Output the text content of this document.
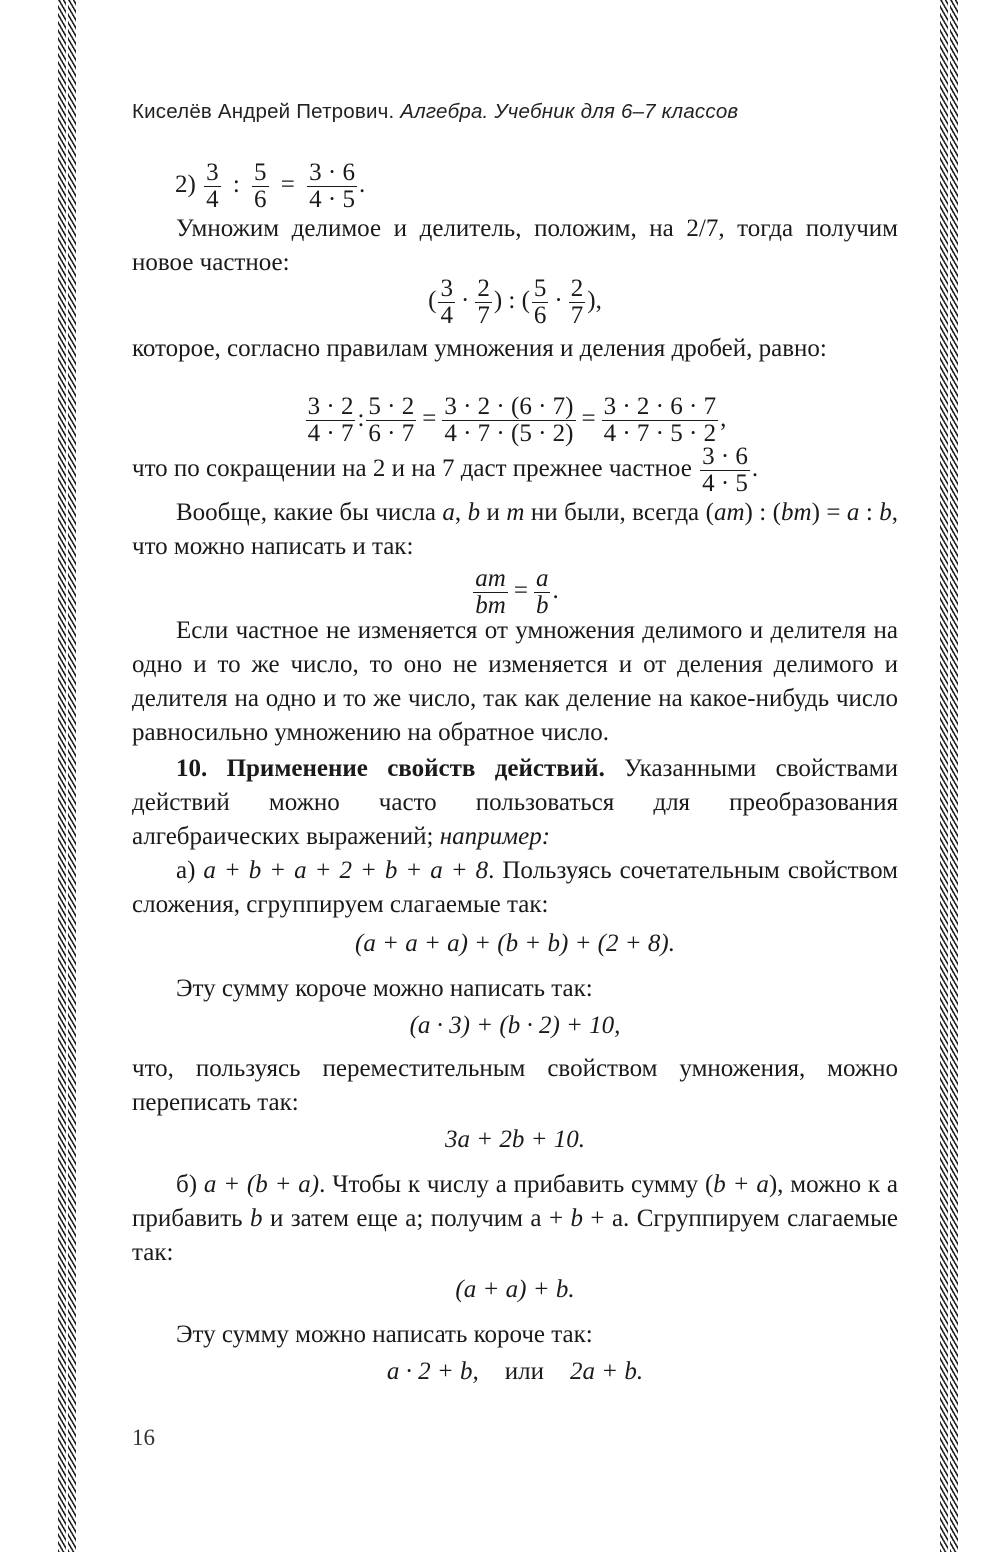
Киселёв Андрей Петрович. Алгебра. Учебник для 6–7 классов
$2) \frac{3}{4}$ : $\frac{5}{6} = \frac{3 \cdot 6}{4 \cdot 5}$ .

Умножим делимое и делитель, положим, на 2/7, тогда получим новое частное:

( $\frac{3}{4} \cdot \frac{2}{7}$ ) : ( $\frac{5}{6} \cdot \frac{2}{7}$ ),

которое, согласно правилам умножения и деления дробей, равно:

$\frac{3 \cdot 2}{4 \cdot 7}$ : $\frac{5 \cdot 2}{6 \cdot 7} = \frac{3 \cdot 2 \cdot (6 \cdot 7)}{4 \cdot 7 \cdot (5 \cdot 2)} = \frac{3 \cdot 2 \cdot 6 \cdot 7}{4 \cdot 7 \cdot 5 \cdot 2}$ ,
что по сокращении на 2 и на 7 даст прежнее частное $\frac{3 \cdot 6}{4 \cdot 5}$ .

Вообще, какие бы числа a, b и m ни были, всегда (am) : (bm) = a : b, что можно написать и так:

$\frac{am}{bm} = \frac{a}{b}$ .

Если частное не изменяется от умножения делимого и делителя на одно и то же число, то оно не изменяется и от деления делимого и делителя на одно и то же число, так как деление на какое-нибудь число равносильно умножению на обратное число.

10. Применение свойств действий. Указанными свойствами действий можно часто пользоваться для преобразования алгебраических выражений; например:

а) a + b + a + 2 + b + a + 8. Пользуясь сочетательным свойством сложения, сгруппируем слагаемые так:

(a + a + a) + (b + b) + (2 + 8).

Эту сумму короче можно написать так:

(a · 3) + (b · 2) + 10,

что, пользуясь переместительным свойством умножения, можно переписать так:

3a + 2b + 10.

б) a + (b + a). Чтобы к числу а прибавить сумму (b + a), можно к а прибавить b и затем еще а; получим а + b + а. Сгруппируем слагаемые так:

(a + a) + b.

Эту сумму можно написать короче так:

a · 2 + b, или 2a + b.
16
